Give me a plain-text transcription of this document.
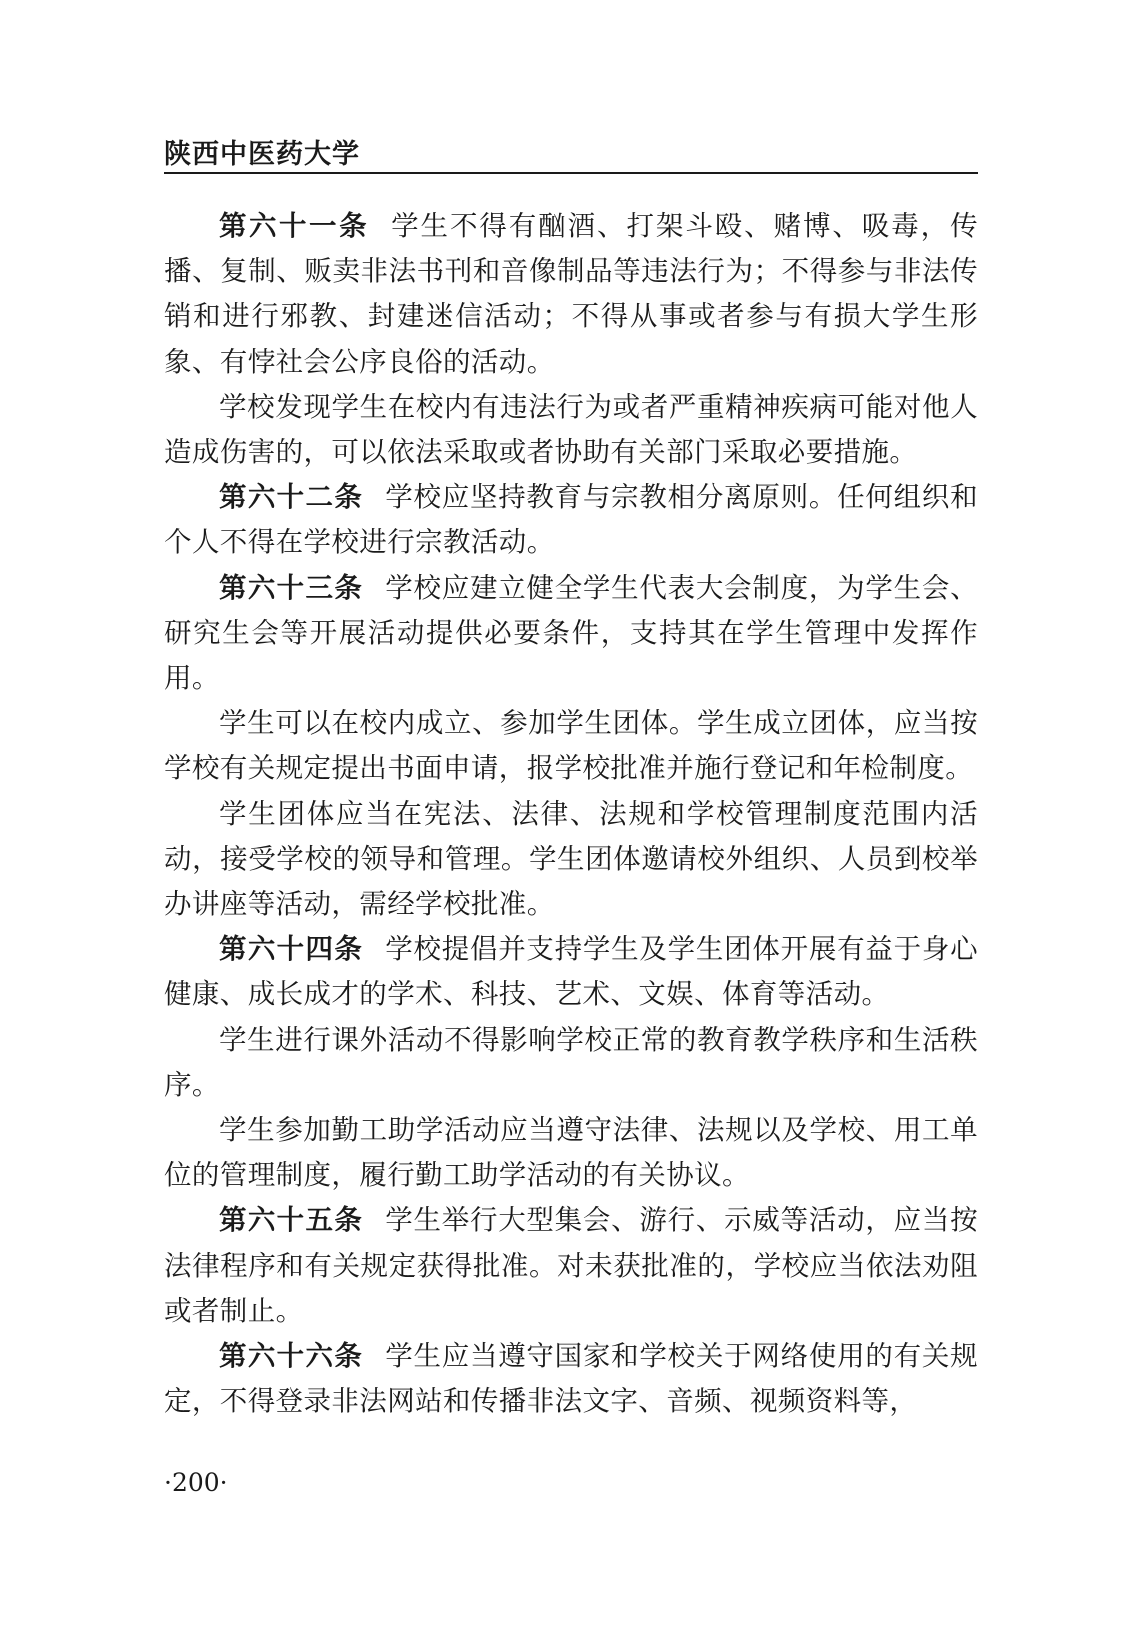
陕西中医药大学

第六十一条 学生不得有酗酒、打架斗殴、赌博、吸毒，传播、复制、贩卖非法书刊和音像制品等违法行为；不得参与非法传销和进行邪教、封建迷信活动；不得从事或者参与有损大学生形象、有悖社会公序良俗的活动。

学校发现学生在校内有违法行为或者严重精神疾病可能对他人造成伤害的，可以依法采取或者协助有关部门采取必要措施。

第六十二条 学校应坚持教育与宗教相分离原则。任何组织和个人不得在学校进行宗教活动。

第六十三条 学校应建立健全学生代表大会制度，为学生会、研究生会等开展活动提供必要条件，支持其在学生管理中发挥作用。

学生可以在校内成立、参加学生团体。学生成立团体，应当按学校有关规定提出书面申请，报学校批准并施行登记和年检制度。

学生团体应当在宪法、法律、法规和学校管理制度范围内活动，接受学校的领导和管理。学生团体邀请校外组织、人员到校举办讲座等活动，需经学校批准。

第六十四条 学校提倡并支持学生及学生团体开展有益于身心健康、成长成才的学术、科技、艺术、文娱、体育等活动。

学生进行课外活动不得影响学校正常的教育教学秩序和生活秩序。

学生参加勤工助学活动应当遵守法律、法规以及学校、用工单位的管理制度，履行勤工助学活动的有关协议。

第六十五条 学生举行大型集会、游行、示威等活动，应当按法律程序和有关规定获得批准。对未获批准的，学校应当依法劝阻或者制止。

第六十六条 学生应当遵守国家和学校关于网络使用的有关规定，不得登录非法网站和传播非法文字、音频、视频资料等，

·200·
